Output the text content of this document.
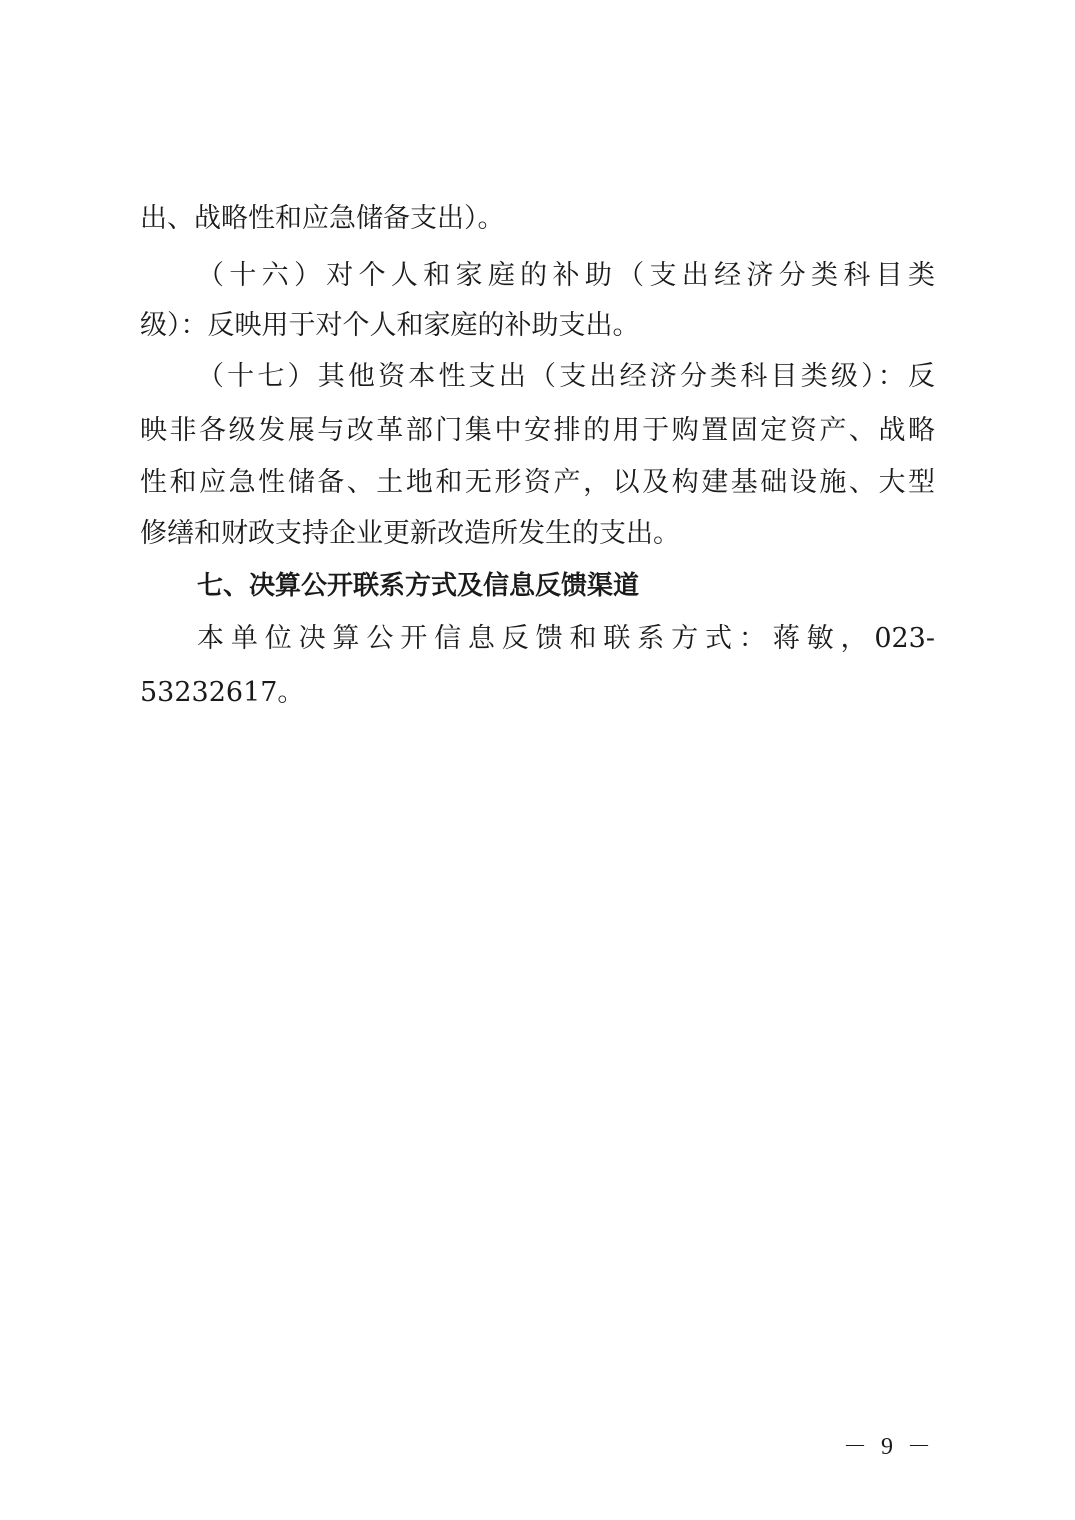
出、战略性和应急储备支出）。
（十六）对个人和家庭的补助（支出经济分类科目类
级）：反映用于对个人和家庭的补助支出。
（十七）其他资本性支出（支出经济分类科目类级）：反
映非各级发展与改革部门集中安排的用于购置固定资产、战略
性和应急性储备、土地和无形资产，以及构建基础设施、大型
修缮和财政支持企业更新改造所发生的支出。
七、决算公开联系方式及信息反馈渠道
本单位决算公开信息反馈和联系方式：蒋敏，023-
53232617。
－ 9 －
